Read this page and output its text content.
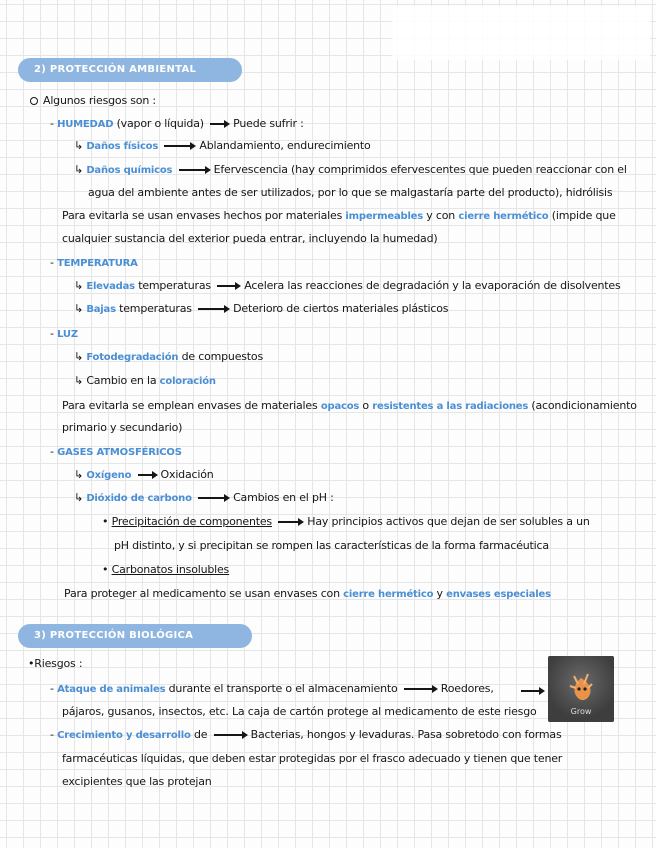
2) PROTECCIÓN AMBIENTAL
Algunos riesgos son :
- HUMEDAD (vapor o líquida)	Puede sufrir :
↳ Daños físicos	Ablandamiento, endurecimiento
↳ Daños químicos	Efervescencia (hay comprimidos efervescentes que pueden reaccionar con el
agua del ambiente antes de ser utilizados, por lo que se malgastaría parte del producto), hidrólisis
Para evitarla se usan envases hechos por materiales impermeables y con cierre hermético (impide que
cualquier sustancia del exterior pueda entrar, incluyendo la humedad)
- TEMPERATURA
↳ Elevadas temperaturas	Acelera las reacciones de degradación y la evaporación de disolventes
↳ Bajas temperaturas	Deterioro de ciertos materiales plásticos
- LUZ
↳ Fotodegradación de compuestos
↳ Cambio en la coloración
Para evitarla se emplean envases de materiales opacos o resistentes a las radiaciones (acondicionamiento
primario y secundario)
- GASES ATMOSFÉRICOS
↳ Oxígeno	Oxidación
↳ Dióxido de carbono	Cambios en el pH :
• Precipitación de componentes	Hay principios activos que dejan de ser solubles a un
pH distinto, y si precipitan se rompen las características de la forma farmacéutica
• Carbonatos insolubles
Para proteger al medicamento se usan envases con cierre hermético y envases especiales
3) PROTECCIÓN BIOLÓGICA
•Riesgos :
- Ataque de animales durante el transporte o el almacenamiento	Roedores,
pájaros, gusanos, insectos, etc. La caja de cartón protege al medicamento de este riesgo
- Crecimiento y desarrollo de	Bacterias, hongos y levaduras. Pasa sobretodo con formas
farmacéuticas líquidas, que deben estar protegidas por el frasco adecuado y tienen que tener
excipientes que las protejan
Grow
